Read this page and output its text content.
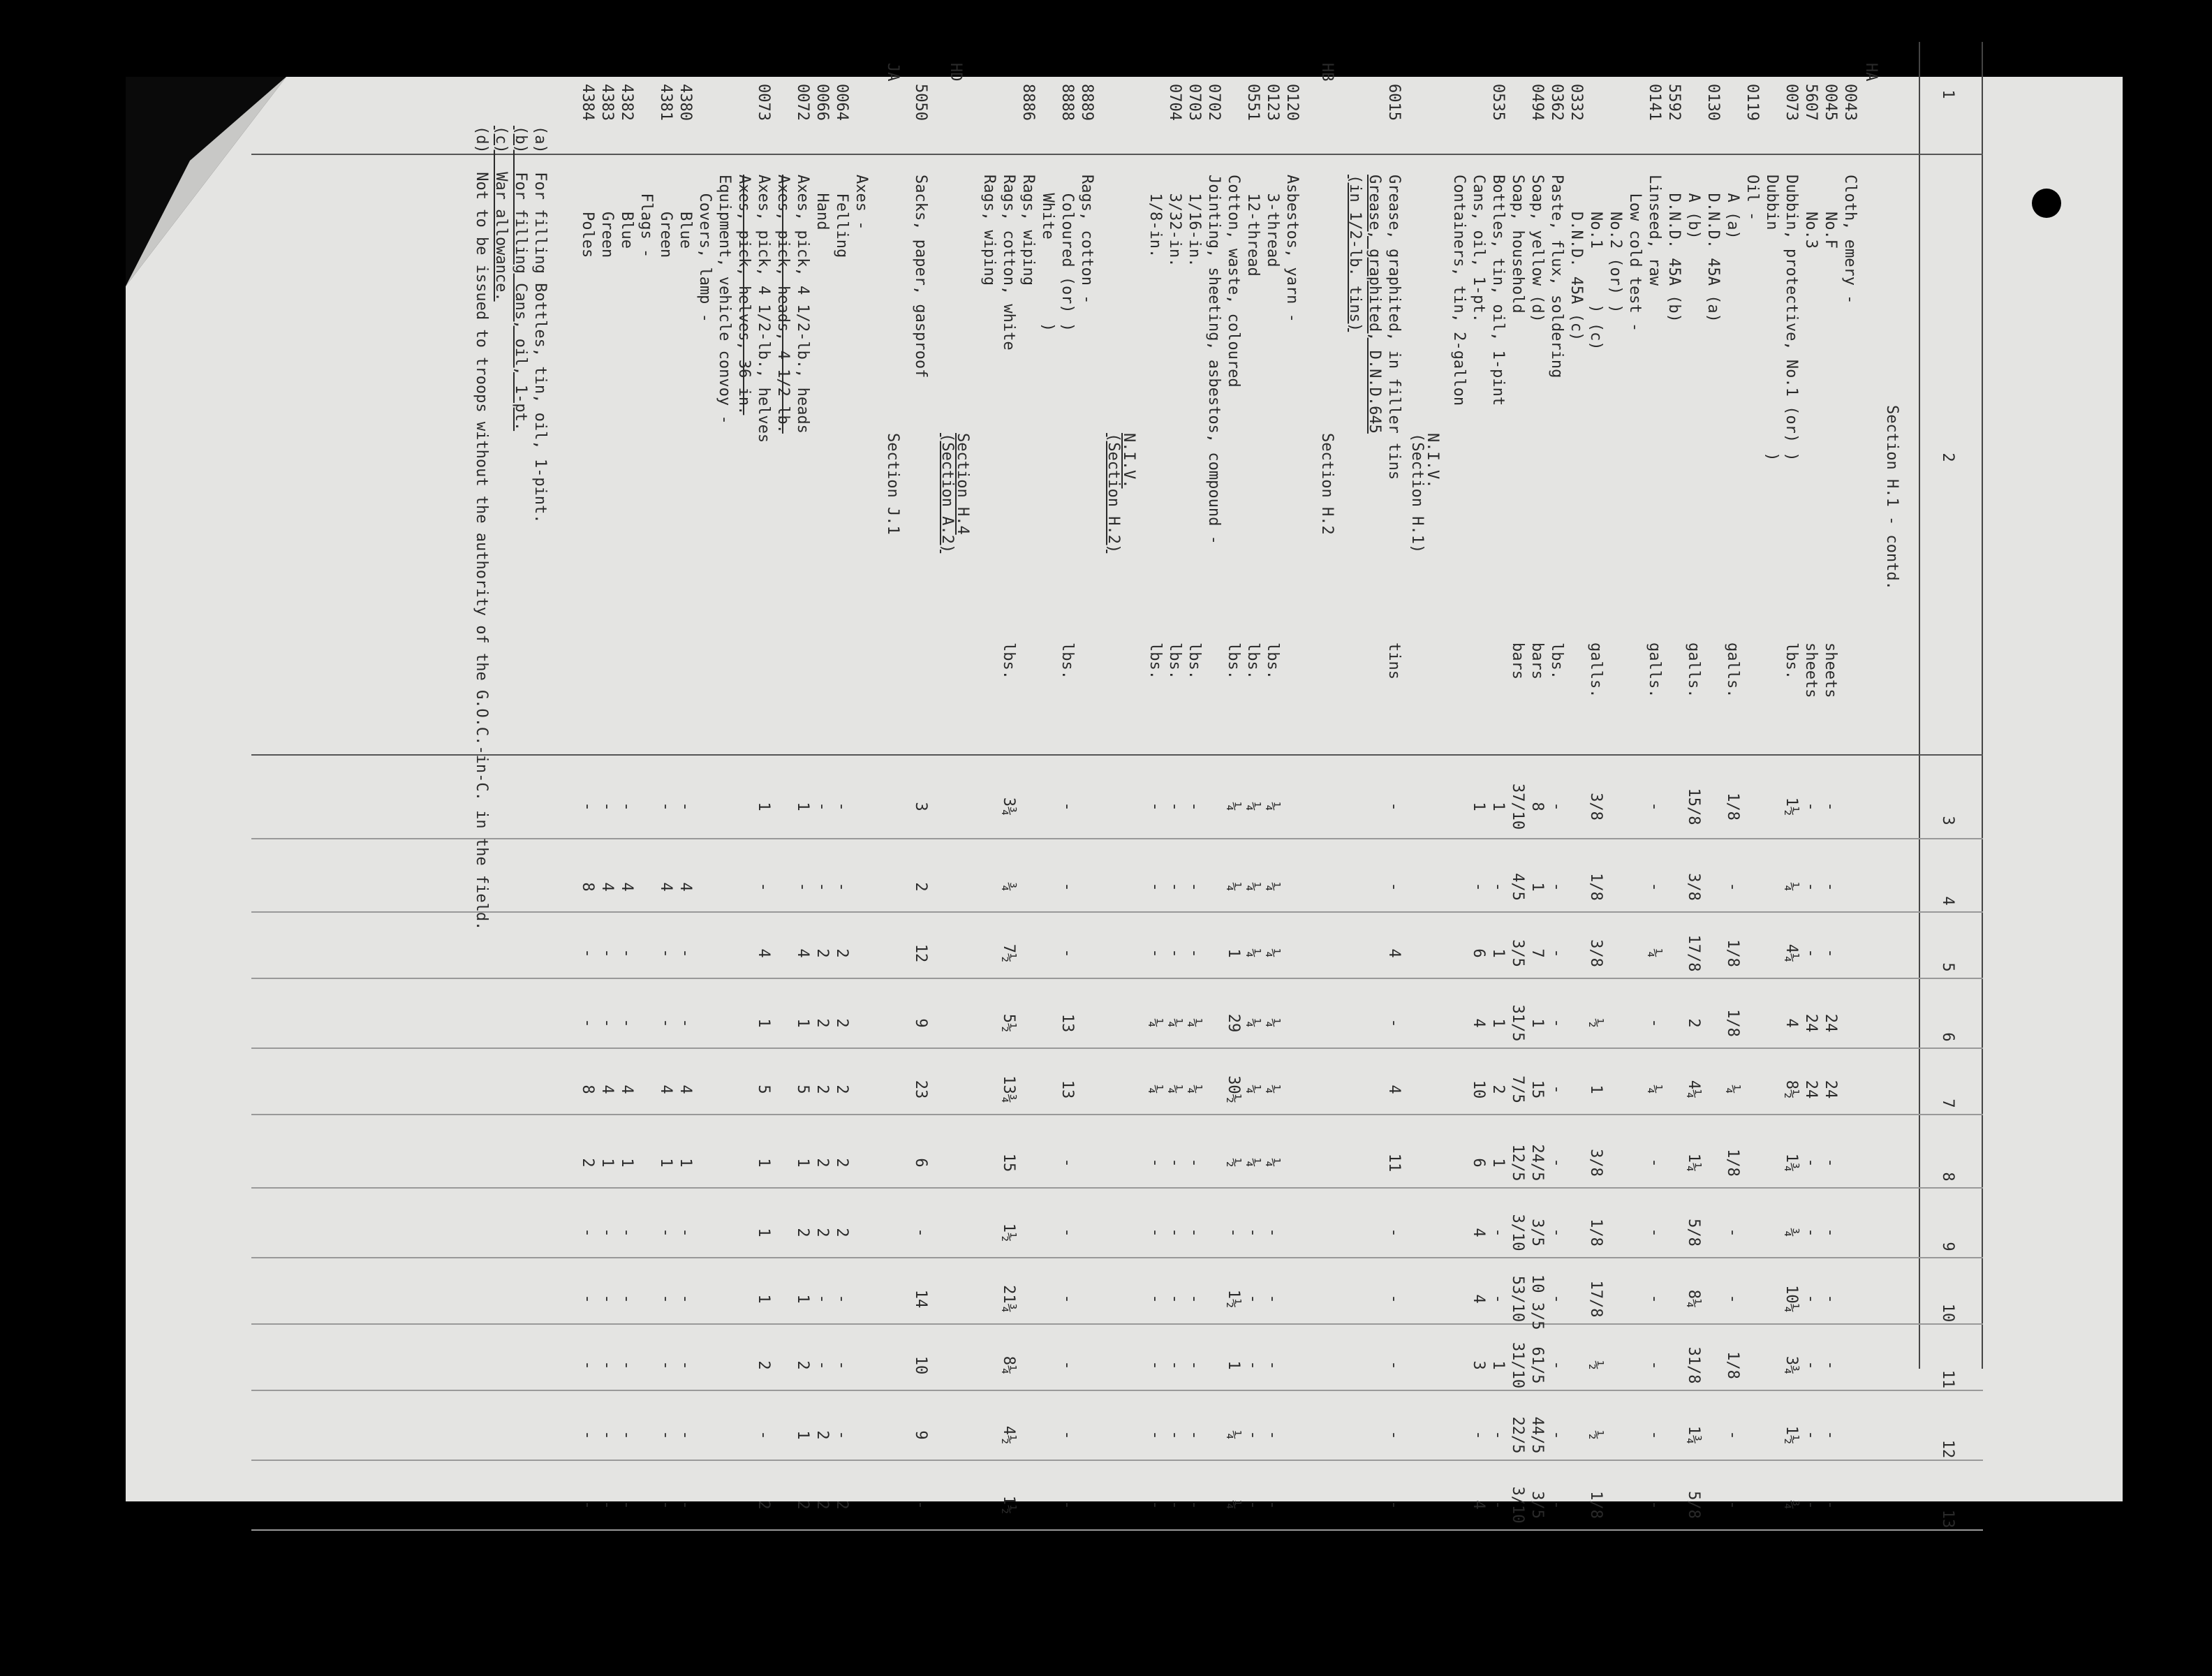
1
2
3
4
5
6
7
8
9
10
11
12
13
Section H.1 - contd.
HA
0043
Cloth, emery -
0045
No.F
sheets
-
-
-
24
24
-
-
-
-
-
-
5607
No.3
sheets
-
-
-
24
24
-
-
-
-
-
-
0073
Dubbin, protective, No.1 (or) )
lbs.
1½
¼
4¼
4
8½
1¾
¾
10¼
3¾
1½
¾
Dubbin                        )
0119
Oil -
A (a)
galls.
1/8
-
1/8
1/8
¼
1/8
-
-
1/8
-
-
0130
D.N.D. 45A (a)
A (b)
galls.
15/8
3/8
17/8
2
4¼
1¼
5/8
8¼
31/8
1¾
5/8
5592
D.N.D. 45A (b)
0141
Linseed, raw
galls.
-
-
¼
-
¼
-
-
-
-
-
-
Low cold test -
No.2 (or) )
No.1      ) (c)
galls.
3/8
1/8
3/8
½
1
3/8
1/8
17/8
½
½
1/8
0332
D.N.D. 45A (c)
0362
Paste, flux, soldering
lbs.
-
-
-
-
-
-
-
-
-
-
-
0494
Soap, yellow (d)
bars
8
1
7
1
15
24/5
3/5
10 3/5
61/5
44/5
3/5
Soap, household
bars
37/10
4/5
3/5
31/5
7/5
12/5
3/10
53/10
31/10
22/5
3/10
0535
Bottles, tin, oil, 1-pint
1
-
1
1
2
1
-
-
1
-
-
Cans, oil, 1-pt.
1
-
6
4
10
6
4
4
3
-
4
Containers, tin, 2-gallon
N.I.V.
(Section H.1)
6015
Grease, graphited, in filler tins
tins
-
-
4
-
4
11
-
-
-
-
-
Grease, graphited, D.N.D.645
(in 1/2-lb. tins)
HB
Section H.2
0120
Asbestos, yarn -
0123
3-thread
lbs.
¼
¼
¼
¼
¼
¼
-
-
-
-
-
0551
12-thread
lbs.
¼
¼
¼
¼
¼
¼
-
-
-
-
-
Cotton, waste, coloured
lbs.
¼
¼
1
29
30½
½
-
1½
1
¼
¼
0702
Jointing, sheeting, asbestos, compound -
0703
1/16-in.
lbs.
-
-
-
¼
¼
-
-
-
-
-
-
0704
3/32-in.
lbs.
-
-
-
¼
¼
-
-
-
-
-
-
1/8-in.
lbs.
-
-
-
¼
¼
-
-
-
-
-
-
N.I.V.
(Section H.2)
8889
Rags, cotton -
8888
Coloured (or) )
lbs.
-
-
-
13
13
-
-
-
-
-
-
White         )
8886
Rags, wiping
Rags, cotton, white
lbs.
3¾
¾
7½
5½
13¾
15
1½
21¾
8¼
4½
1½
Rags, wiping
HD
Section H.4
(Section A.2)
5050
Sacks, paper, gasproof
3
2
12
9
23
6
-
14
10
9
-
JA
Section J.1
Axes -
0064
Felling
-
-
2
2
2
2
2
-
-
-
2
0066
Hand
-
-
2
2
2
2
2
-
-
2
2
0072
Axes, pick, 4 1/2-lb., heads
1
-
4
1
5
1
2
1
2
1
2
Axes, pick, heads, 4 1/2-lb.
0073
Axes, pick, 4 1/2-lb., helves
1
-
4
1
5
1
1
1
2
-
2
Axes, pick, helves, 36-in.
Equipment, vehicle convoy -
Covers, lamp -
4380
Blue
-
4
-
-
4
1
-
-
-
-
-
4381
Green
-
4
-
-
4
1
-
-
-
-
-
Flags -
4382
Blue
-
4
-
-
4
1
-
-
-
-
-
4383
Green
-
4
-
-
4
1
-
-
-
-
-
4384
Poles
-
8
-
-
8
2
-
-
-
-
-
(a)  For filling Bottles, tin, oil, 1-pint.
(b)  For filling Cans, oil, 1-pt.
(c)  War allowance.
(d)  Not to be issued to troops without the authority of the G.O.C.-in-C. in the field.
